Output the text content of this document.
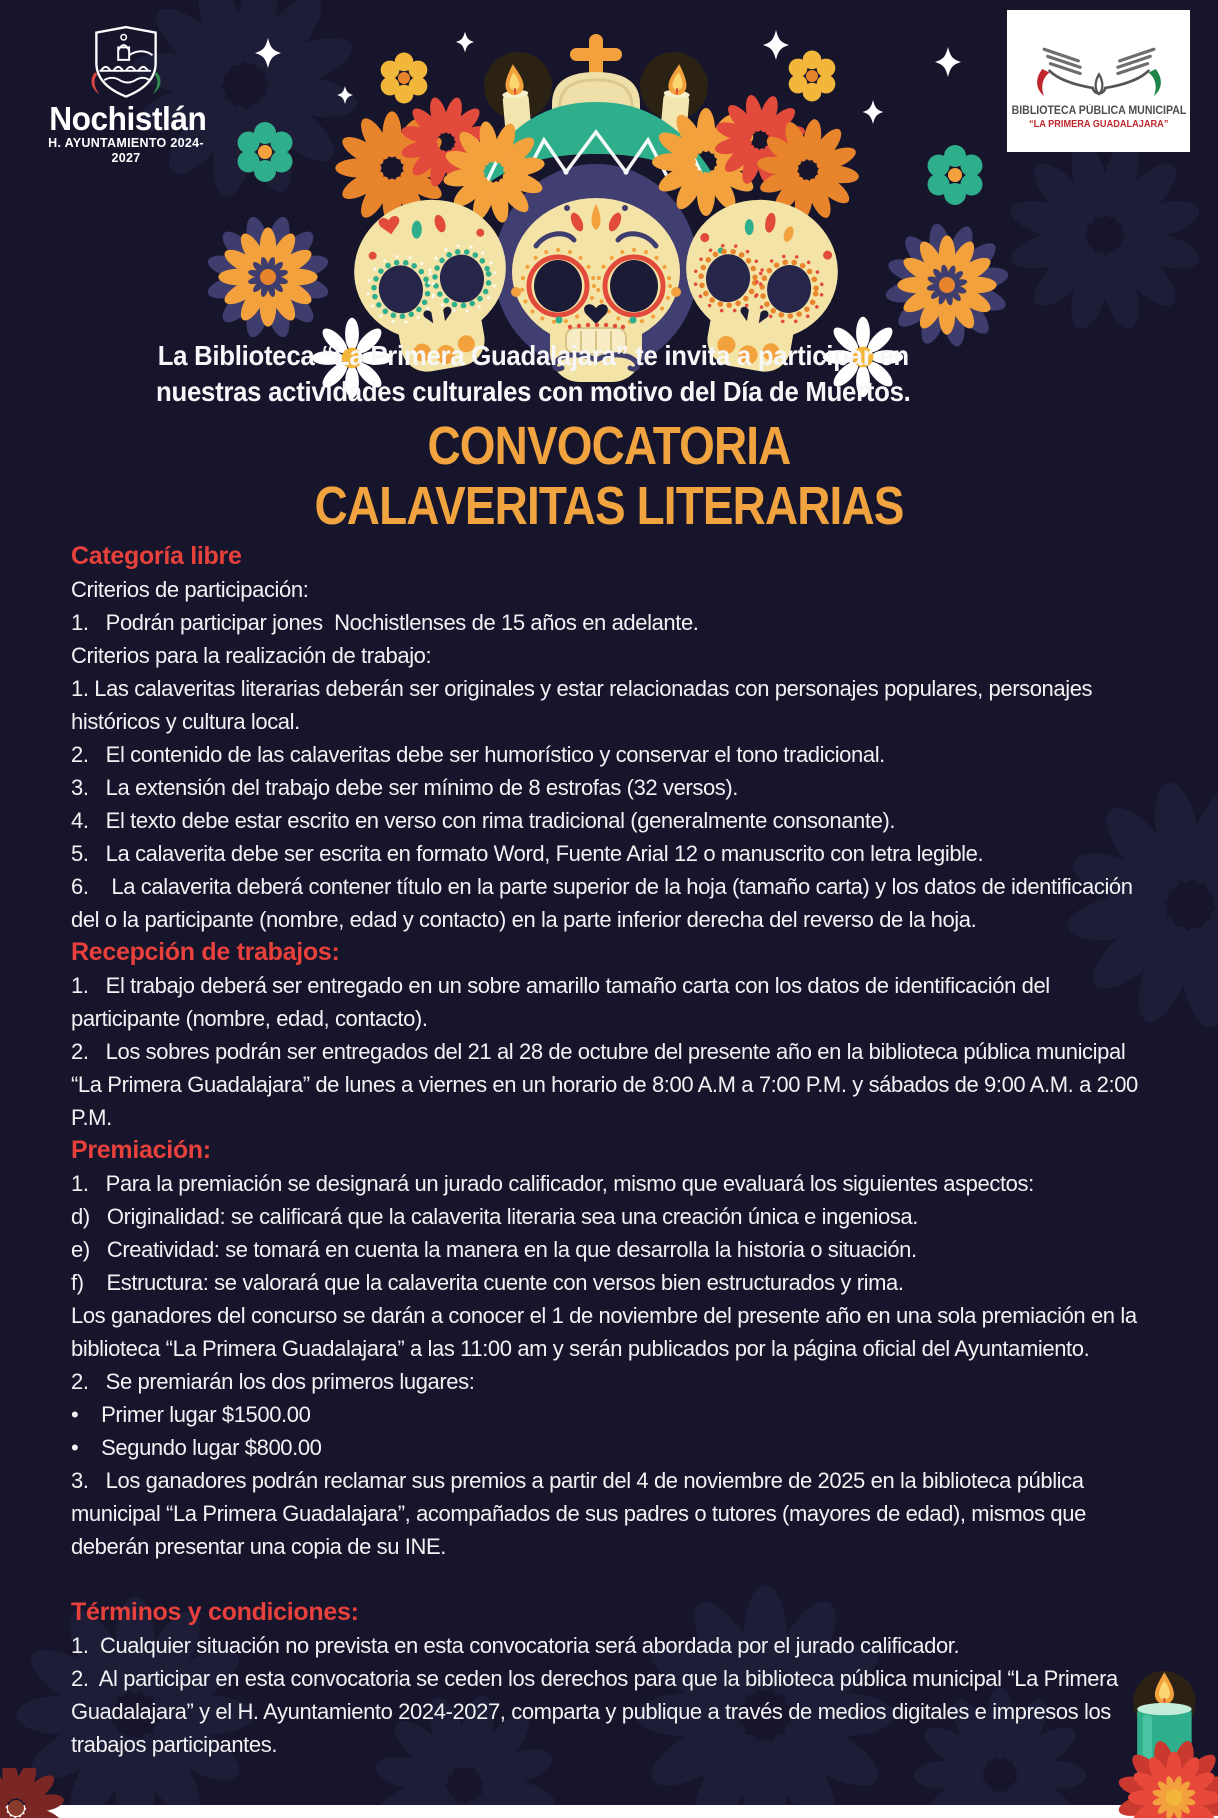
Nochistlán
H. AYUNTAMIENTO 2024-2027
BIBLIOTECA PÚBLICA MUNICIPAL
“LA PRIMERA GUADALAJARA”
La Biblioteca “La Primera Guadalajara” te invita a participar en
nuestras actividades culturales con motivo del Día de Muertos.
CONVOCATORIA
CALAVERITAS LITERARIAS
Categoría libre

Criterios de participación:

1.   Podrán participar jones  Nochistlenses de 15 años en adelante.

Criterios para la realización de trabajo:

1. Las calaveritas literarias deberán ser originales y estar relacionadas con personajes populares, personajes históricos y cultura local.

2.   El contenido de las calaveritas debe ser humorístico y conservar el tono tradicional.

3.   La extensión del trabajo debe ser mínimo de 8 estrofas (32 versos).

4.   El texto debe estar escrito en verso con rima tradicional (generalmente consonante).

5.   La calaverita debe ser escrita en formato Word, Fuente Arial 12 o manuscrito con letra legible.

6.    La calaverita deberá contener título en la parte superior de la hoja (tamaño carta) y los datos de identificación del o la participante (nombre, edad y contacto) en la parte inferior derecha del reverso de la hoja.

Recepción de trabajos:

1.   El trabajo deberá ser entregado en un sobre amarillo tamaño carta con los datos de identificación del participante (nombre, edad, contacto).

2.   Los sobres podrán ser entregados del 21 al 28 de octubre del presente año en la biblioteca pública municipal “La Primera Guadalajara” de lunes a viernes en un horario de 8:00 A.M a 7:00 P.M. y sábados de 9:00 A.M. a 2:00 P.M.

Premiación:

1.   Para la premiación se designará un jurado calificador, mismo que evaluará los siguientes aspectos:

d)   Originalidad: se calificará que la calaverita literaria sea una creación única e ingeniosa.

e)   Creatividad: se tomará en cuenta la manera en la que desarrolla la historia o situación.

f)    Estructura: se valorará que la calaverita cuente con versos bien estructurados y rima.

Los ganadores del concurso se darán a conocer el 1 de noviembre del presente año en una sola premiación en la biblioteca “La Primera Guadalajara” a las 11:00 am y serán publicados por la página oficial del Ayuntamiento.

2.   Se premiarán los dos primeros lugares:

•    Primer lugar $1500.00

•    Segundo lugar $800.00

3.   Los ganadores podrán reclamar sus premios a partir del 4 de noviembre de 2025 en la biblioteca pública municipal “La Primera Guadalajara”, acompañados de sus padres o tutores (mayores de edad), mismos que deberán presentar una copia de su INE.

Términos y condiciones:

1.  Cualquier situación no prevista en esta convocatoria será abordada por el jurado calificador.

2.  Al participar en esta convocatoria se ceden los derechos para que la biblioteca pública municipal “La Primera Guadalajara” y el H. Ayuntamiento 2024-2027, comparta y publique a través de medios digitales e impresos los trabajos participantes.
